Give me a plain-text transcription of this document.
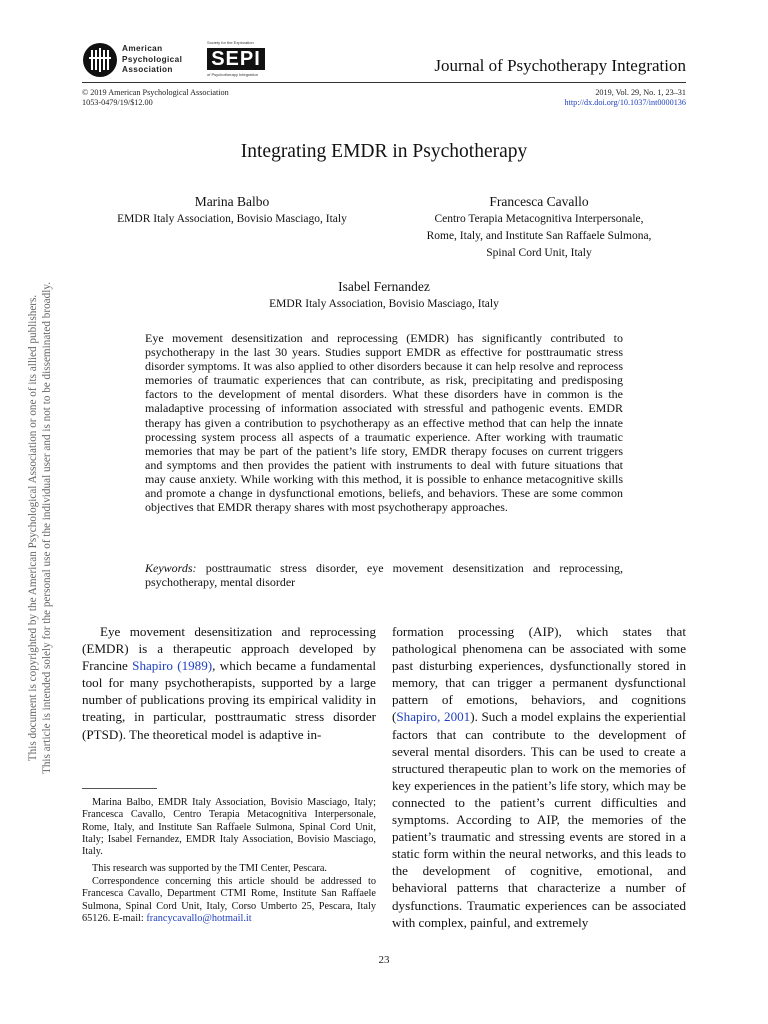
American
Psychological
Association
Society for the Exploration
SEPI
of Psychotherapy Integration	Journal of Psychotherapy Integration
© 2019 American Psychological Association
1053-0479/19/$12.00
2019, Vol. 29, No. 1, 23–31
http://dx.doi.org/10.1037/int0000136
Integrating EMDR in Psychotherapy
Marina Balbo
EMDR Italy Association, Bovisio Masciago, Italy
Francesca Cavallo
Centro Terapia Metacognitiva Interpersonale,
Rome, Italy, and Institute San Raffaele Sulmona,
Spinal Cord Unit, Italy
Isabel Fernandez
EMDR Italy Association, Bovisio Masciago, Italy
Eye movement desensitization and reprocessing (EMDR) has significantly contributed to psychotherapy in the last 30 years. Studies support EMDR as effective for posttraumatic stress disorder symptoms. It was also applied to other disorders because it can help resolve and reprocess memories of traumatic experiences that can contribute, as risk, precipitating and predisposing factors to the development of mental disorders. What these disorders have in common is the maladaptive processing of information associated with stressful and pathogenic events. EMDR therapy has given a contribution to psychotherapy as an effective method that can help the innate processing system process all aspects of a traumatic experience. After working with traumatic memories that may be part of the patient’s life story, EMDR therapy focuses on current triggers and symptoms and then provides the patient with instruments to deal with future situations that may cause anxiety. While working with this method, it is possible to enhance metacognitive skills and promote a change in dysfunctional emotions, beliefs, and behaviors. These are some common objectives that EMDR therapy shares with most psychotherapy approaches.
Keywords: posttraumatic stress disorder, eye movement desensitization and reprocessing, psychotherapy, mental disorder
Eye movement desensitization and reprocessing (EMDR) is a therapeutic approach developed by Francine Shapiro (1989), which became a fundamental tool for many psychotherapists, supported by a large number of publications proving its empirical validity in treating, in particular, posttraumatic stress disorder (PTSD). The theoretical model is adaptive in-
formation processing (AIP), which states that pathological phenomena can be associated with some past disturbing experiences, dysfunctionally stored in memory, that can trigger a permanent dysfunctional pattern of emotions, behaviors, and cognitions (Shapiro, 2001). Such a model explains the experiential factors that can contribute to the development of several mental disorders. This can be used to create a structured therapeutic plan to work on the memories of key experiences in the patient’s life story, which may be connected to the patient’s current difficulties and symptoms. According to AIP, the memories of the patient’s traumatic and stressing events are stored in a static form within the neural networks, and this leads to the development of cognitive, emotional, and behavioral patterns that characterize a number of dysfunctions. Traumatic experiences can be associated with complex, painful, and extremely
Marina Balbo, EMDR Italy Association, Bovisio Masciago, Italy; Francesca Cavallo, Centro Terapia Metacognitiva Interpersonale, Rome, Italy, and Institute San Raffaele Sulmona, Spinal Cord Unit, Italy; Isabel Fernandez, EMDR Italy Association, Bovisio Masciago, Italy.
This research was supported by the TMI Center, Pescara.
Correspondence concerning this article should be addressed to Francesca Cavallo, Department CTMI Rome, Institute San Raffaele Sulmona, Spinal Cord Unit, Italy, Corso Umberto 25, Pescara, Italy 65126. E-mail: francycavallo@hotmail.it
23
This document is copyrighted by the American Psychological Association or one of its allied publishers. This article is intended solely for the personal use of the individual user and is not to be disseminated broadly.
